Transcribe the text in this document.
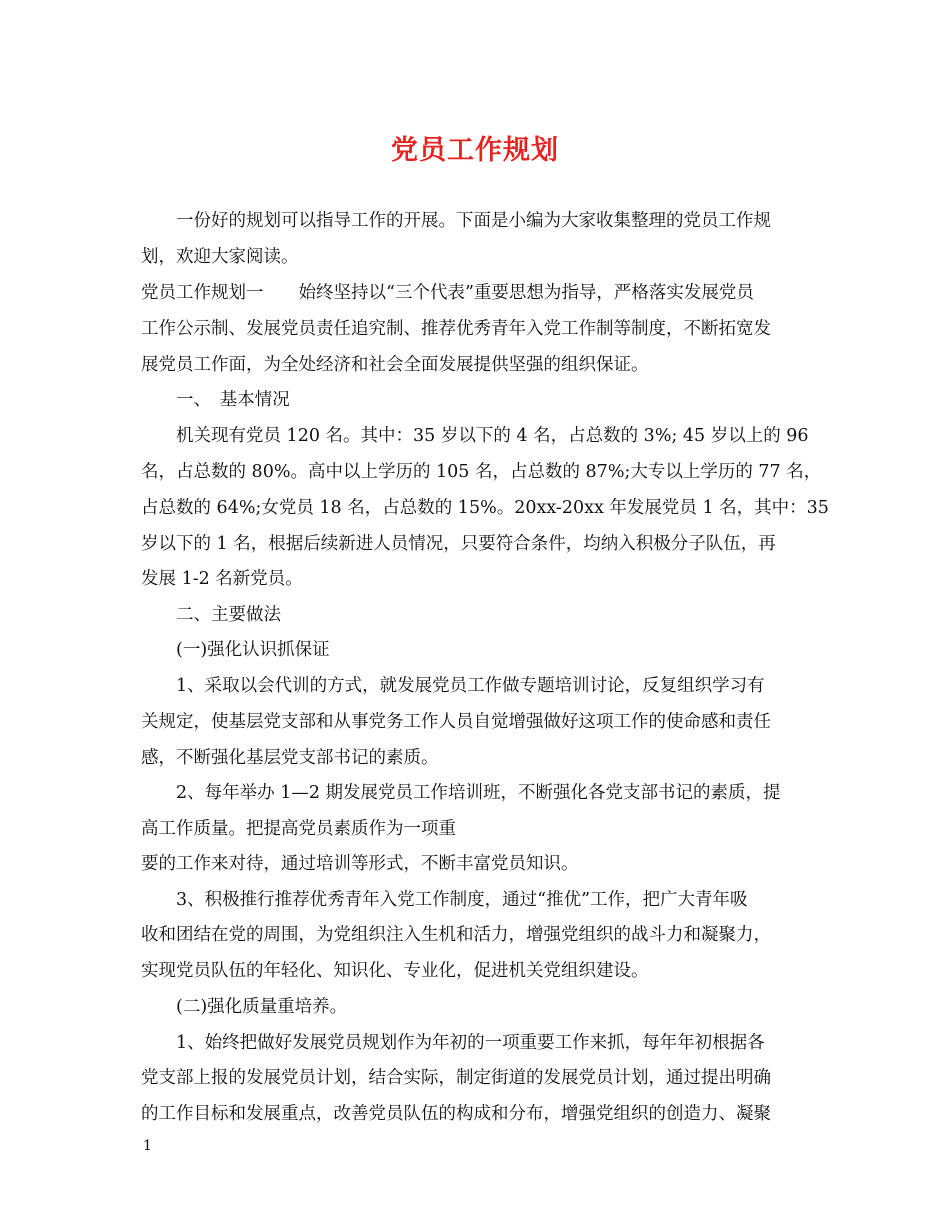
党员工作规划
一份好的规划可以指导工作的开展。下面是小编为大家收集整理的党员工作规
划，欢迎大家阅读。
党员工作规划一　　始终坚持以“三个代表”重要思想为指导，严格落实发展党员
工作公示制、发展党员责任追究制、推荐优秀青年入党工作制等制度，不断拓宽发
展党员工作面，为全处经济和社会全面发展提供坚强的组织保证。
一、　基本情况
机关现有党员 120 名。其中：35 岁以下的 4 名，占总数的 3%; 45 岁以上的 96
名，占总数的 80%。高中以上学历的 105 名，占总数的 87%;大专以上学历的 77 名，
占总数的 64%;女党员 18 名，占总数的 15%。20xx-20xx 年发展党员 1 名，其中：35
岁以下的 1 名，根据后续新进人员情况，只要符合条件，均纳入积极分子队伍，再
发展 1-2 名新党员。
二、主要做法
(一)强化认识抓保证
1、采取以会代训的方式，就发展党员工作做专题培训讨论，反复组织学习有
关规定，使基层党支部和从事党务工作人员自觉增强做好这项工作的使命感和责任
感，不断强化基层党支部书记的素质。
2、每年举办 1—2 期发展党员工作培训班，不断强化各党支部书记的素质，提
高工作质量。把提高党员素质作为一项重
要的工作来对待，通过培训等形式，不断丰富党员知识。
3、积极推行推荐优秀青年入党工作制度，通过“推优”工作，把广大青年吸
收和团结在党的周围，为党组织注入生机和活力，增强党组织的战斗力和凝聚力，
实现党员队伍的年轻化、知识化、专业化，促进机关党组织建设。
(二)强化质量重培养。
1、始终把做好发展党员规划作为年初的一项重要工作来抓，每年年初根据各
党支部上报的发展党员计划，结合实际，制定街道的发展党员计划，通过提出明确
的工作目标和发展重点，改善党员队伍的构成和分布，增强党组织的创造力、凝聚
1
